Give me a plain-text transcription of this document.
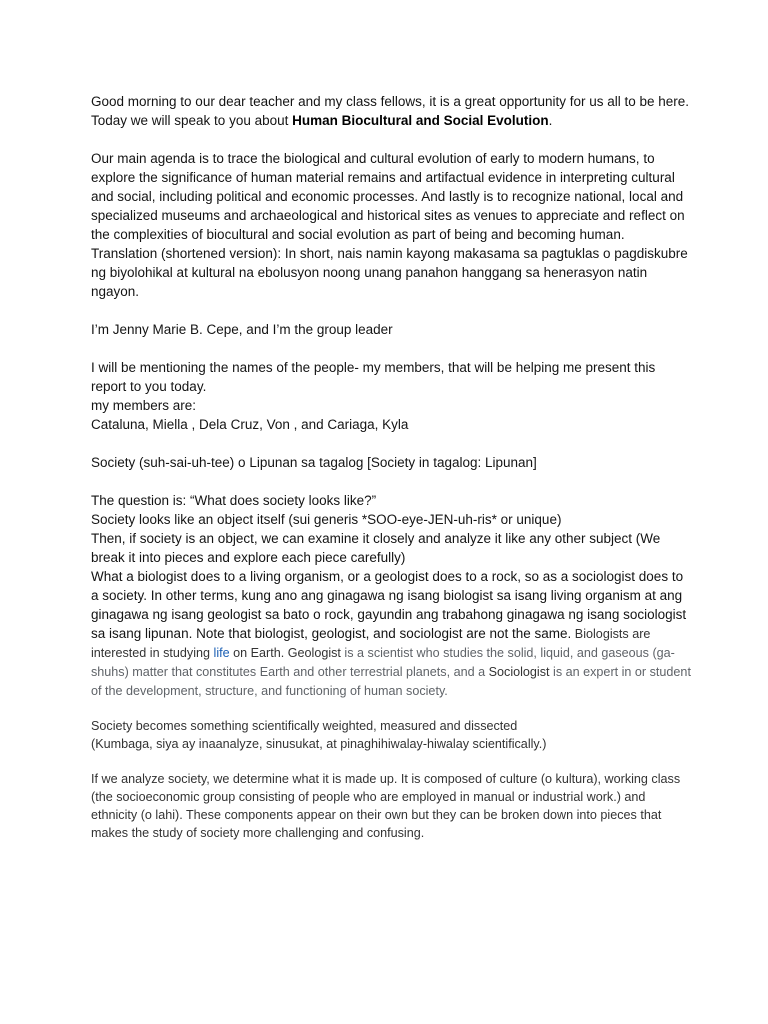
Good morning to our dear teacher and my class fellows, it is a great opportunity for us all to be here.

Today we will speak to you about Human Biocultural and Social Evolution.

Our main agenda is to trace the biological and cultural evolution of early to modern humans, to explore the significance of human material remains and artifactual evidence in interpreting cultural and social, including political and economic processes. And lastly is to recognize national, local and specialized museums and archaeological and historical sites as venues to appreciate and reflect on the complexities of biocultural and social evolution as part of being and becoming human.

Translation (shortened version): In short, nais namin kayong makasama sa pagtuklas o pagdiskubre ng biyolohikal at kultural na ebolusyon noong unang panahon hanggang sa henerasyon natin ngayon.

I’m Jenny Marie B. Cepe, and I’m the group leader

I will be mentioning the names of the people- my members, that will be helping me present this report to you today.

my members are:

Cataluna, Miella , Dela Cruz, Von , and Cariaga, Kyla

Society (suh-sai-uh-tee) o Lipunan sa tagalog [Society in tagalog: Lipunan]

The question is: “What does society looks like?”

Society looks like an object itself (sui generis *SOO-eye-JEN-uh-ris* or unique)

Then, if society is an object, we can examine it closely and analyze it like any other subject (We break it into pieces and explore each piece carefully)

What a biologist does to a living organism, or a geologist does to a rock, so as a sociologist does to a society. In other terms, kung ano ang ginagawa ng isang biologist sa isang living organism at ang ginagawa ng isang geologist sa bato o rock, gayundin ang trabahong ginagawa ng isang sociologist sa isang lipunan. Note that biologist, geologist, and sociologist are not the same. Biologists are interested in studying life on Earth. Geologist is a scientist who studies the solid, liquid, and gaseous (ga-shuhs) matter that constitutes Earth and other terrestrial planets, and a Sociologist is an expert in or student of the development, structure, and functioning of human society.

Society becomes something scientifically weighted, measured and dissected

(Kumbaga, siya ay inaanalyze, sinusukat, at pinaghihiwalay-hiwalay scientifically.)

If we analyze society, we determine what it is made up. It is composed of culture (o kultura), working class (the socioeconomic group consisting of people who are employed in manual or industrial work.) and ethnicity (o lahi). These components appear on their own but they can be broken down into pieces that makes the study of society more challenging and confusing.
